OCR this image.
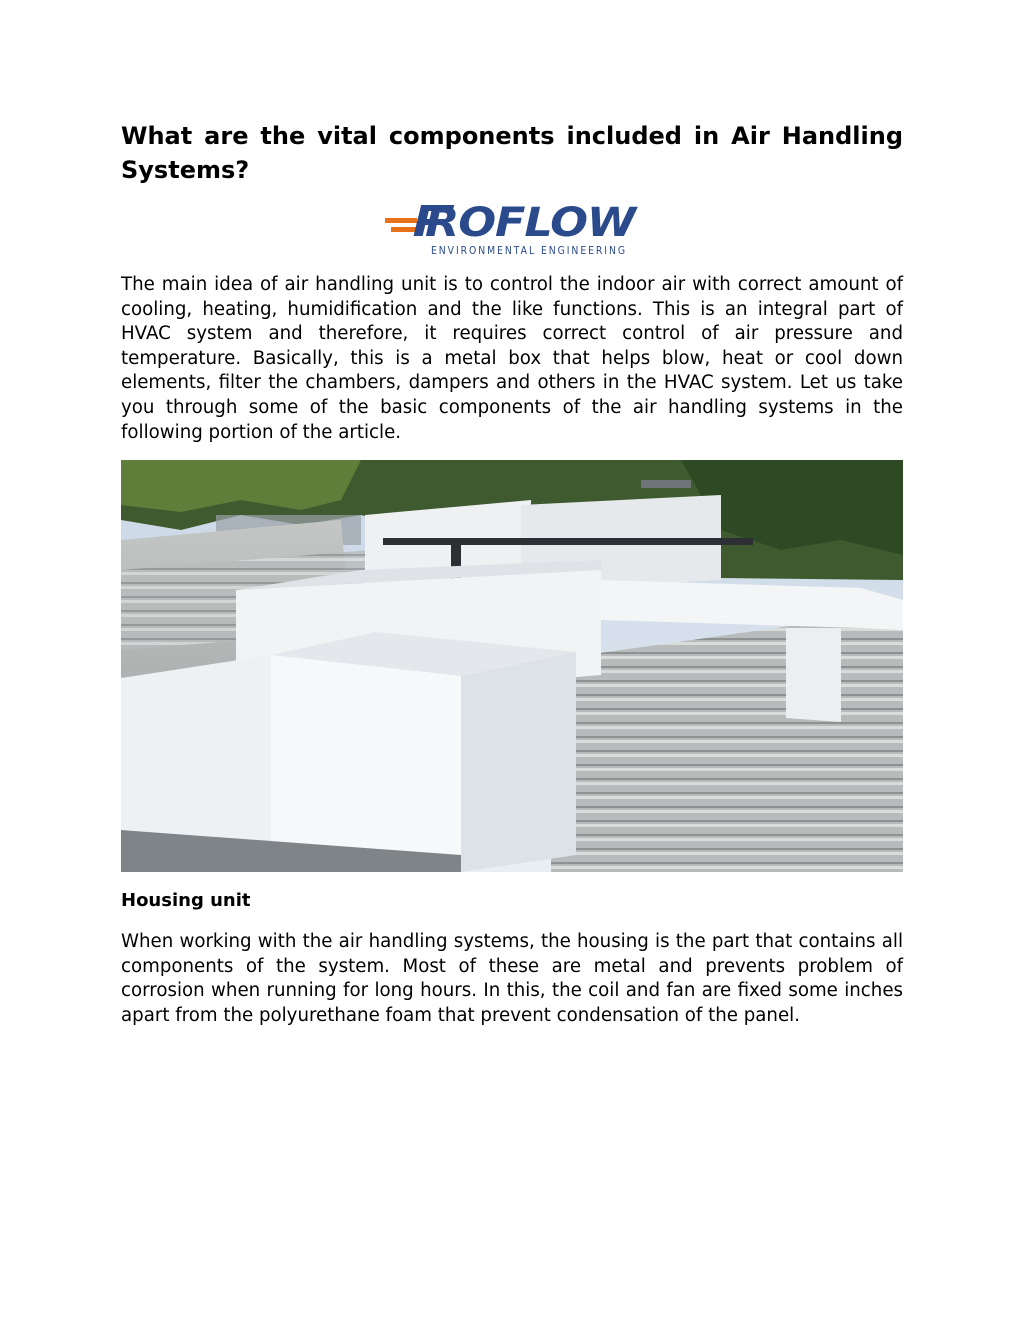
What are the vital components included in Air Handling Systems?
ROFLOW
ENVIRONMENTAL ENGINEERING

The main idea of air handling unit is to control the indoor air with correct amount of cooling, heating, humidification and the like functions. This is an integral part of HVAC system and therefore, it requires correct control of air pressure and temperature. Basically, this is a metal box that helps blow, heat or cool down elements, filter the chambers, dampers and others in the HVAC system. Let us take you through some of the basic components of the air handling systems in the following portion of the article.

Housing unit

When working with the air handling systems, the housing is the part that contains all components of the system. Most of these are metal and prevents problem of corrosion when running for long hours. In this, the coil and fan are fixed some inches apart from the polyurethane foam that prevent condensation of the panel.
